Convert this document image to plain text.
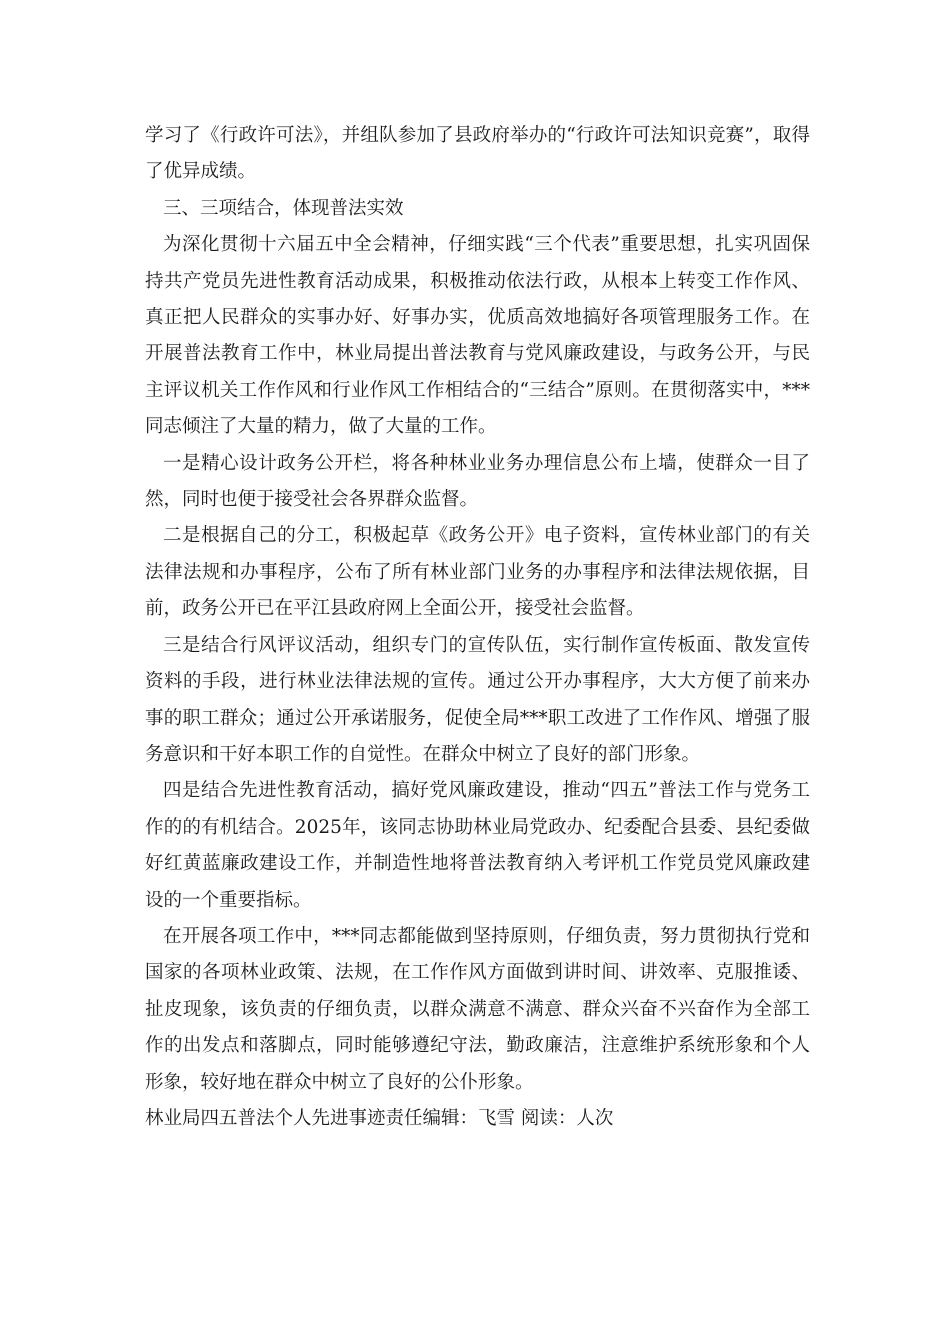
学习了《行政许可法》，并组队参加了县政府举办的“行政许可法知识竞赛”，取得了优异成绩。

三、三项结合，体现普法实效

为深化贯彻十六届五中全会精神，仔细实践“三个代表”重要思想，扎实巩固保持共产党员先进性教育活动成果，积极推动依法行政，从根本上转变工作作风、真正把人民群众的实事办好、好事办实，优质高效地搞好各项管理服务工作。在开展普法教育工作中，林业局提出普法教育与党风廉政建设，与政务公开，与民主评议机关工作作风和行业作风工作相结合的“三结合”原则。在贯彻落实中，***同志倾注了大量的精力，做了大量的工作。

一是精心设计政务公开栏，将各种林业业务办理信息公布上墙，使群众一目了然，同时也便于接受社会各界群众监督。

二是根据自己的分工，积极起草《政务公开》电子资料，宣传林业部门的有关法律法规和办事程序，公布了所有林业部门业务的办事程序和法律法规依据，目前，政务公开已在平江县政府网上全面公开，接受社会监督。

三是结合行风评议活动，组织专门的宣传队伍，实行制作宣传板面、散发宣传资料的手段，进行林业法律法规的宣传。通过公开办事程序，大大方便了前来办事的职工群众；通过公开承诺服务，促使全局***职工改进了工作作风、增强了服务意识和干好本职工作的自觉性。在群众中树立了良好的部门形象。

四是结合先进性教育活动，搞好党风廉政建设，推动“四五”普法工作与党务工作的的有机结合。2025年，该同志协助林业局党政办、纪委配合县委、县纪委做好红黄蓝廉政建设工作，并制造性地将普法教育纳入考评机工作党员党风廉政建设的一个重要指标。

在开展各项工作中，***同志都能做到坚持原则，仔细负责，努力贯彻执行党和国家的各项林业政策、法规，在工作作风方面做到讲时间、讲效率、克服推诿、扯皮现象，该负责的仔细负责，以群众满意不满意、群众兴奋不兴奋作为全部工作的出发点和落脚点，同时能够遵纪守法，勤政廉洁，注意维护系统形象和个人形象，较好地在群众中树立了良好的公仆形象。

林业局四五普法个人先进事迹责任编辑：飞雪 阅读：人次
